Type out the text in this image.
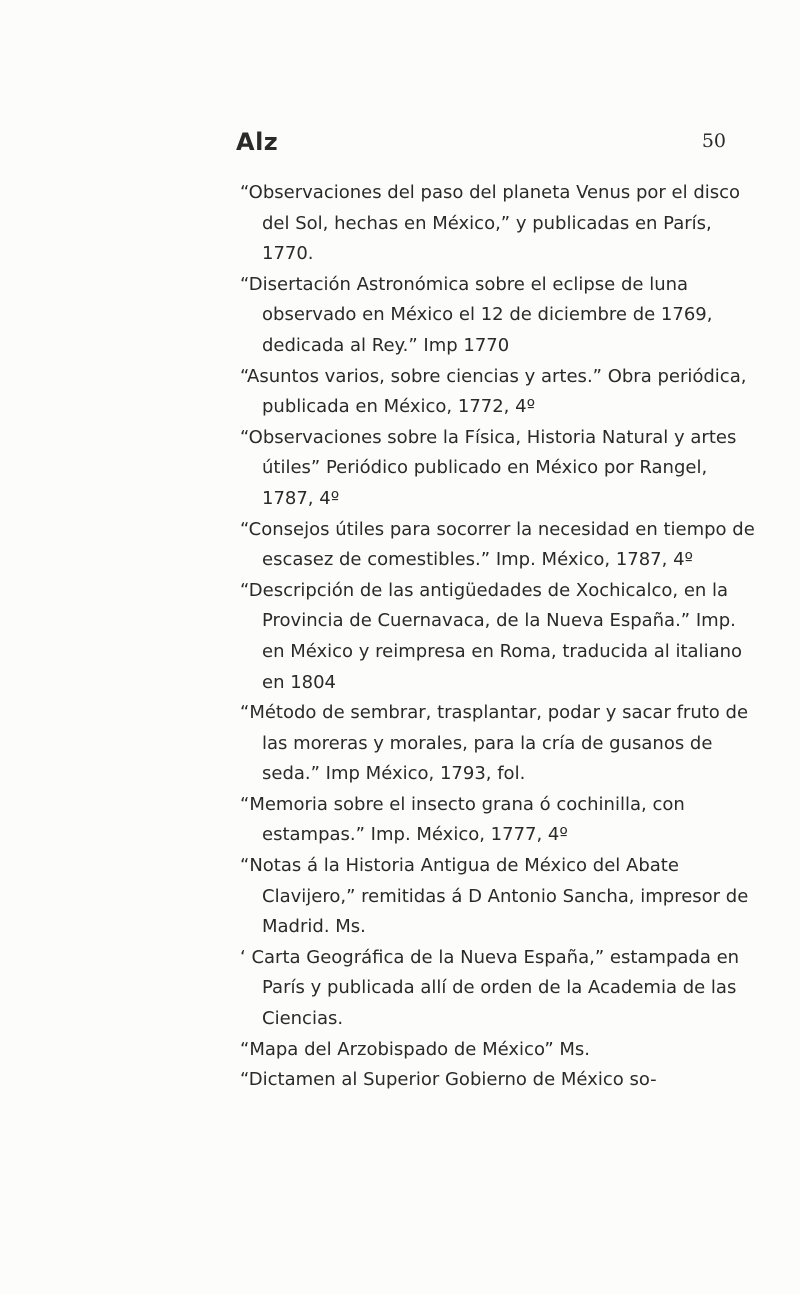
Alz	50

“Observaciones del paso del planeta Venus por el disco del Sol, hechas en México,” y publicadas en París, 1770.

“Disertación Astronómica sobre el eclipse de luna observado en México el 12 de diciembre de 1769, dedicada al Rey.” Imp 1770

“Asuntos varios, sobre ciencias y artes.” Obra periódica, publicada en México, 1772, 4º

“Observaciones sobre la Física, Historia Natural y artes útiles” Periódico publicado en México por Rangel, 1787, 4º

“Consejos útiles para socorrer la necesidad en tiempo de escasez de comestibles.” Imp. México, 1787, 4º

“Descripción de las antigüedades de Xochicalco, en la Provincia de Cuernavaca, de la Nueva España.” Imp. en México y reimpresa en Roma, traducida al italiano en 1804

“Método de sembrar, trasplantar, podar y sacar fruto de las moreras y morales, para la cría de gusanos de seda.” Imp México, 1793, fol.

“Memoria sobre el insecto grana ó cochinilla, con estampas.” Imp. México, 1777, 4º

“Notas á la Historia Antigua de México del Abate Clavijero,” remitidas á D Antonio Sancha, impresor de Madrid. Ms.

‘ Carta Geográfica de la Nueva España,” estampada en París y publicada allí de orden de la Academia de las Ciencias.

“Mapa del Arzobispado de México” Ms.

“Dictamen al Superior Gobierno de México so-
